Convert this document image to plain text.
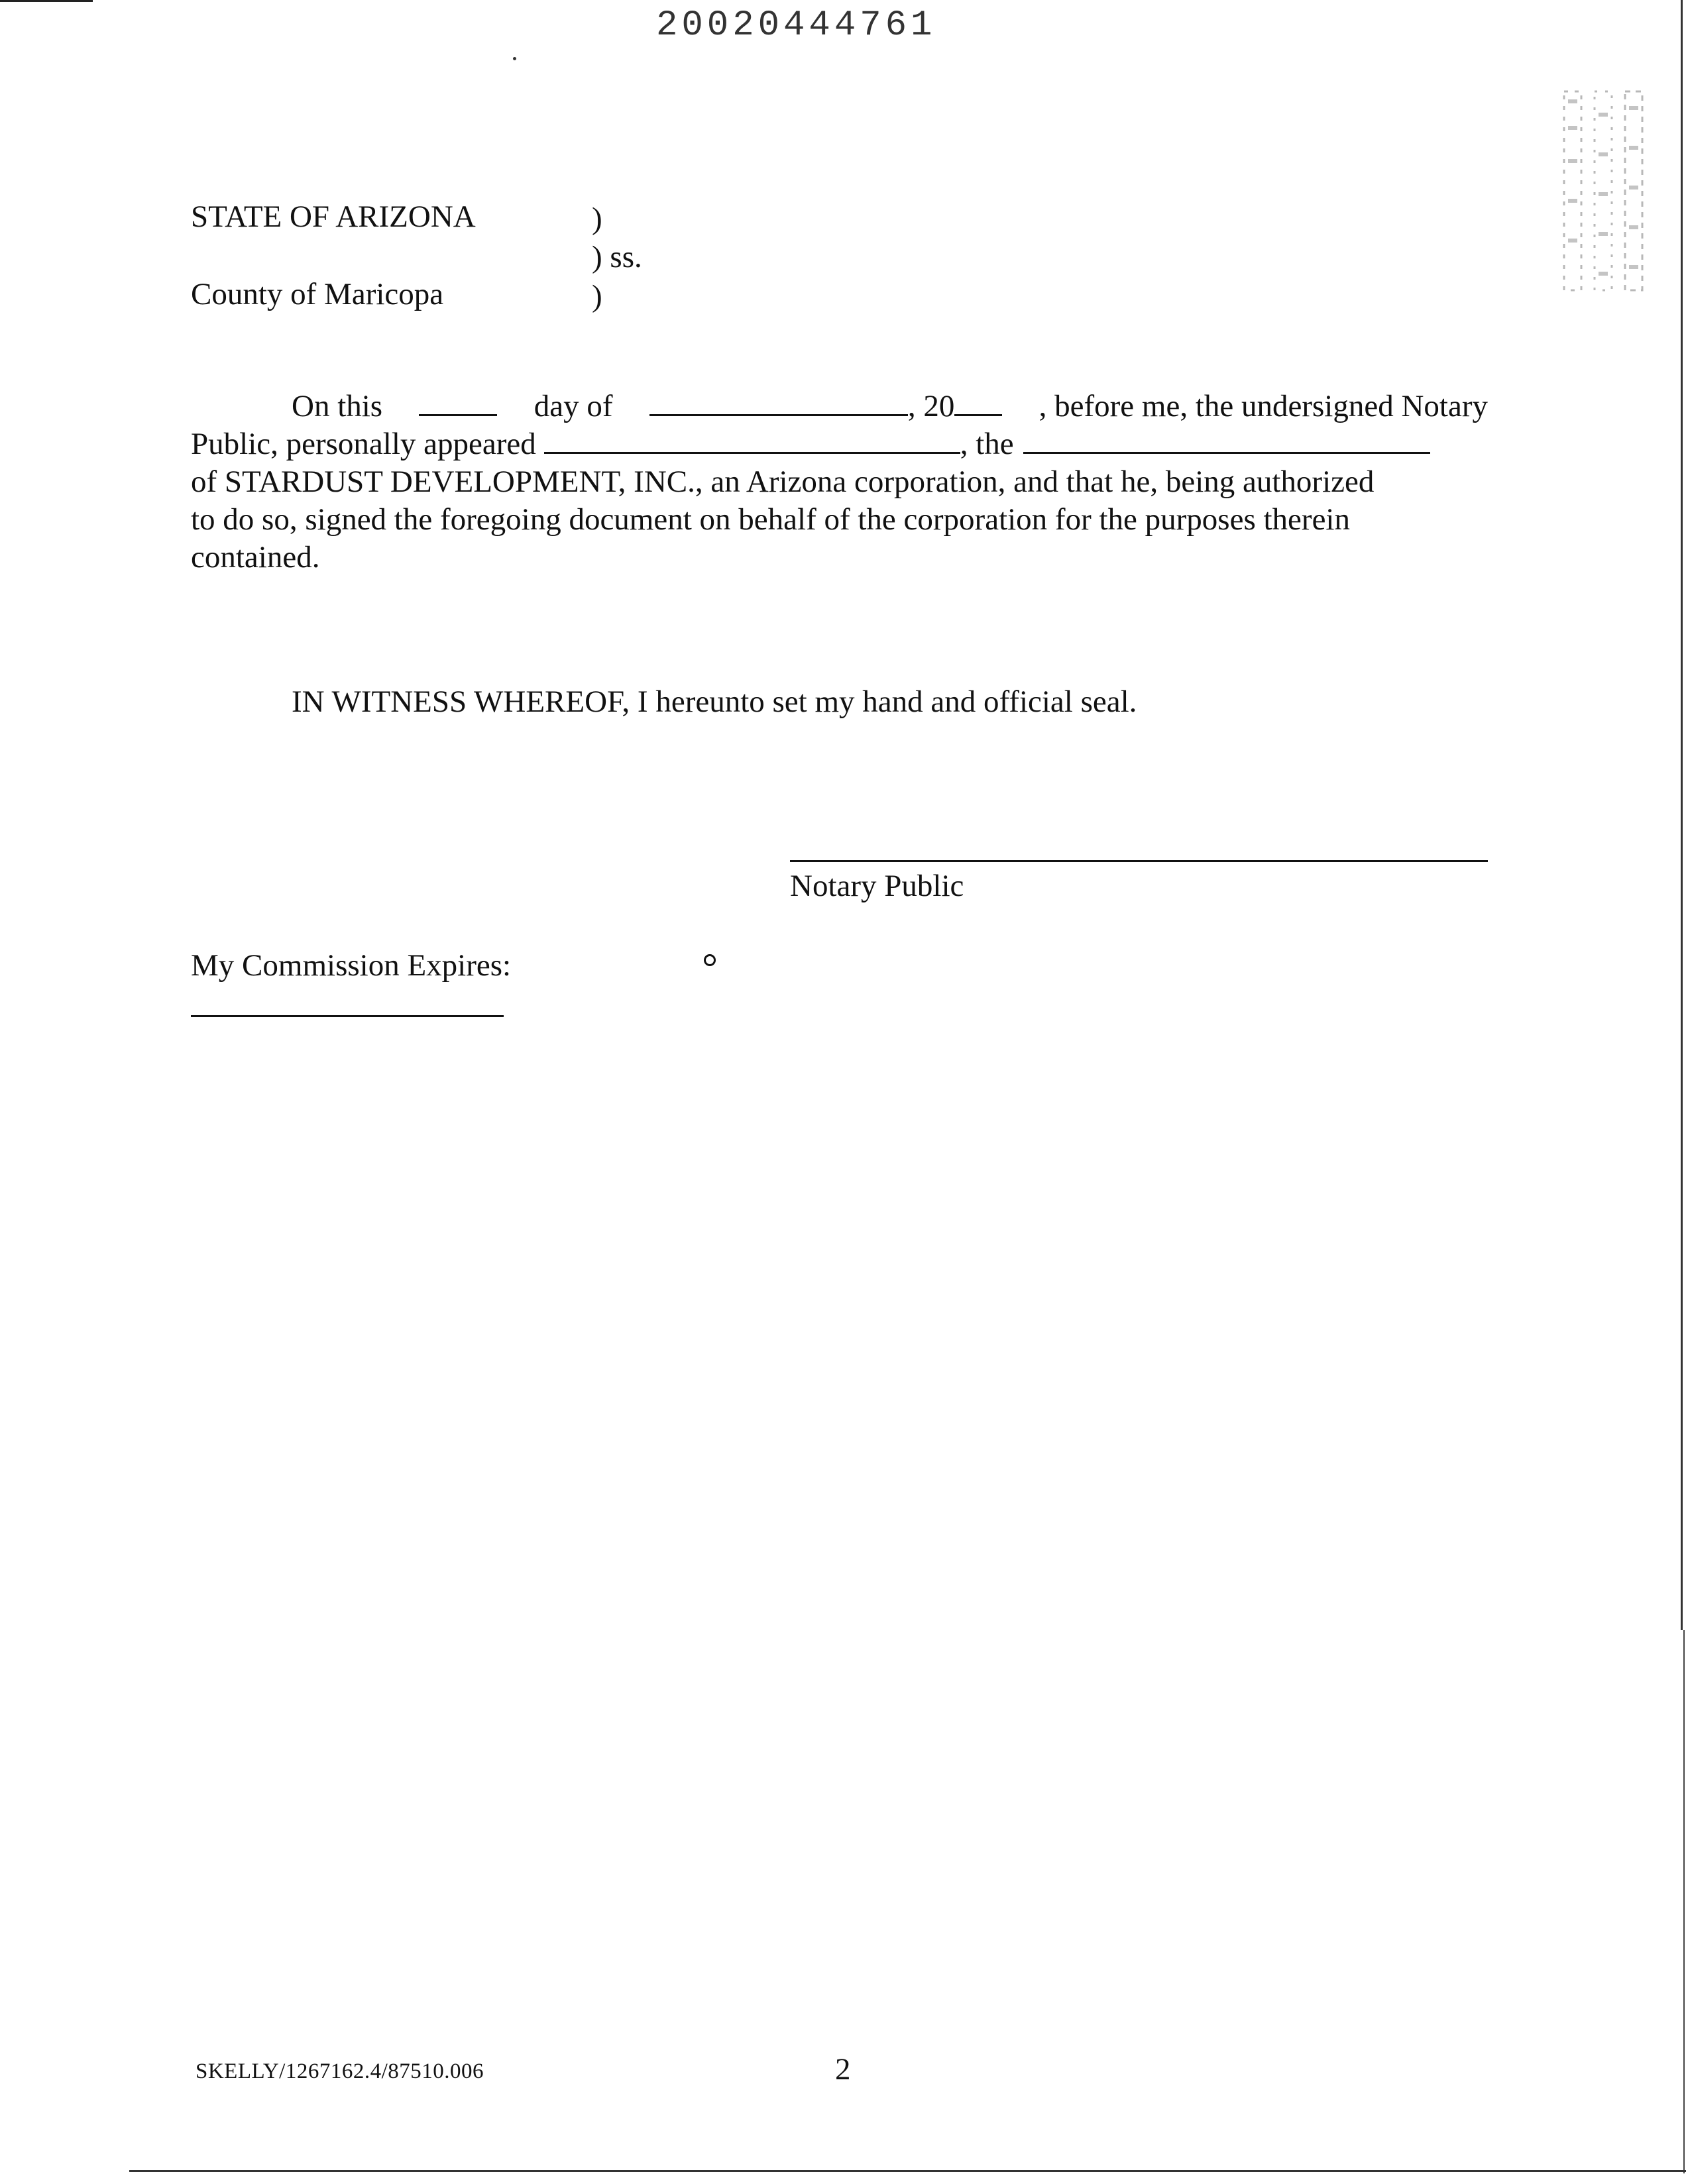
20020444761
STATE OF ARIZONA	)
) ss.
County of Maricopa	)
On this	day of	, 20	, before me, the undersigned Notary
Public, personally appeared	, the
of STARDUST DEVELOPMENT, INC., an Arizona corporation, and that he, being authorized
to do so, signed the foregoing document on behalf of the corporation for the purposes therein
contained.
IN WITNESS WHEREOF, I hereunto set my hand and official seal.
Notary Public
My Commission Expires:
SKELLY/1267162.4/87510.006	2
